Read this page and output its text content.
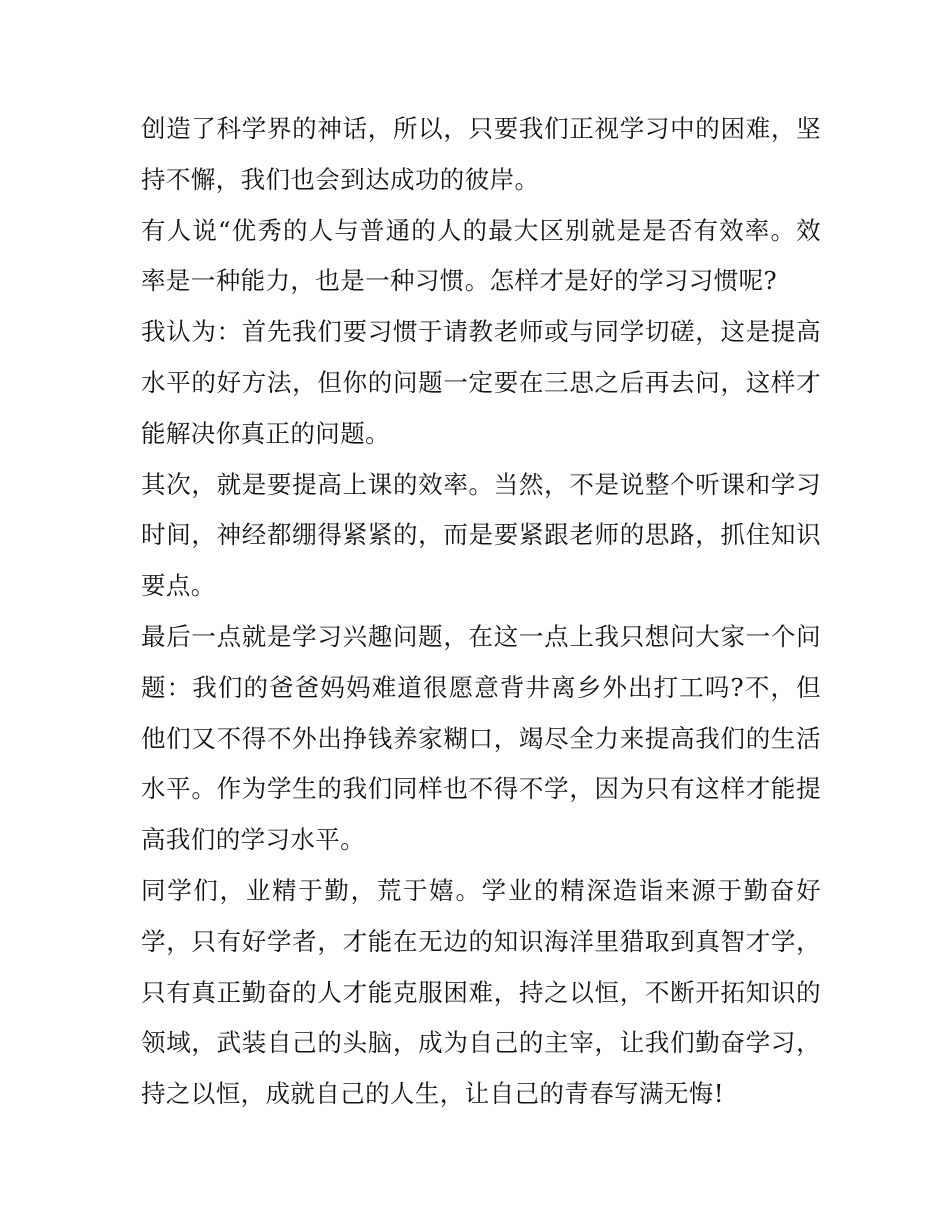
创造了科学界的神话，所以，只要我们正视学习中的困难，坚持不懈，我们也会到达成功的彼岸。

有人说“优秀的人与普通的人的最大区别就是是否有效率。效率是一种能力，也是一种习惯。怎样才是好的学习习惯呢?

我认为：首先我们要习惯于请教老师或与同学切磋，这是提高水平的好方法，但你的问题一定要在三思之后再去问，这样才能解决你真正的问题。

其次，就是要提高上课的效率。当然，不是说整个听课和学习时间，神经都绷得紧紧的，而是要紧跟老师的思路，抓住知识要点。

最后一点就是学习兴趣问题，在这一点上我只想问大家一个问题：我们的爸爸妈妈难道很愿意背井离乡外出打工吗?不，但他们又不得不外出挣钱养家糊口，竭尽全力来提高我们的生活水平。作为学生的我们同样也不得不学，因为只有这样才能提高我们的学习水平。

同学们，业精于勤，荒于嬉。学业的精深造诣来源于勤奋好学，只有好学者，才能在无边的知识海洋里猎取到真智才学，只有真正勤奋的人才能克服困难，持之以恒，不断开拓知识的领域，武装自己的头脑，成为自己的主宰，让我们勤奋学习，持之以恒，成就自己的人生，让自己的青春写满无悔!
